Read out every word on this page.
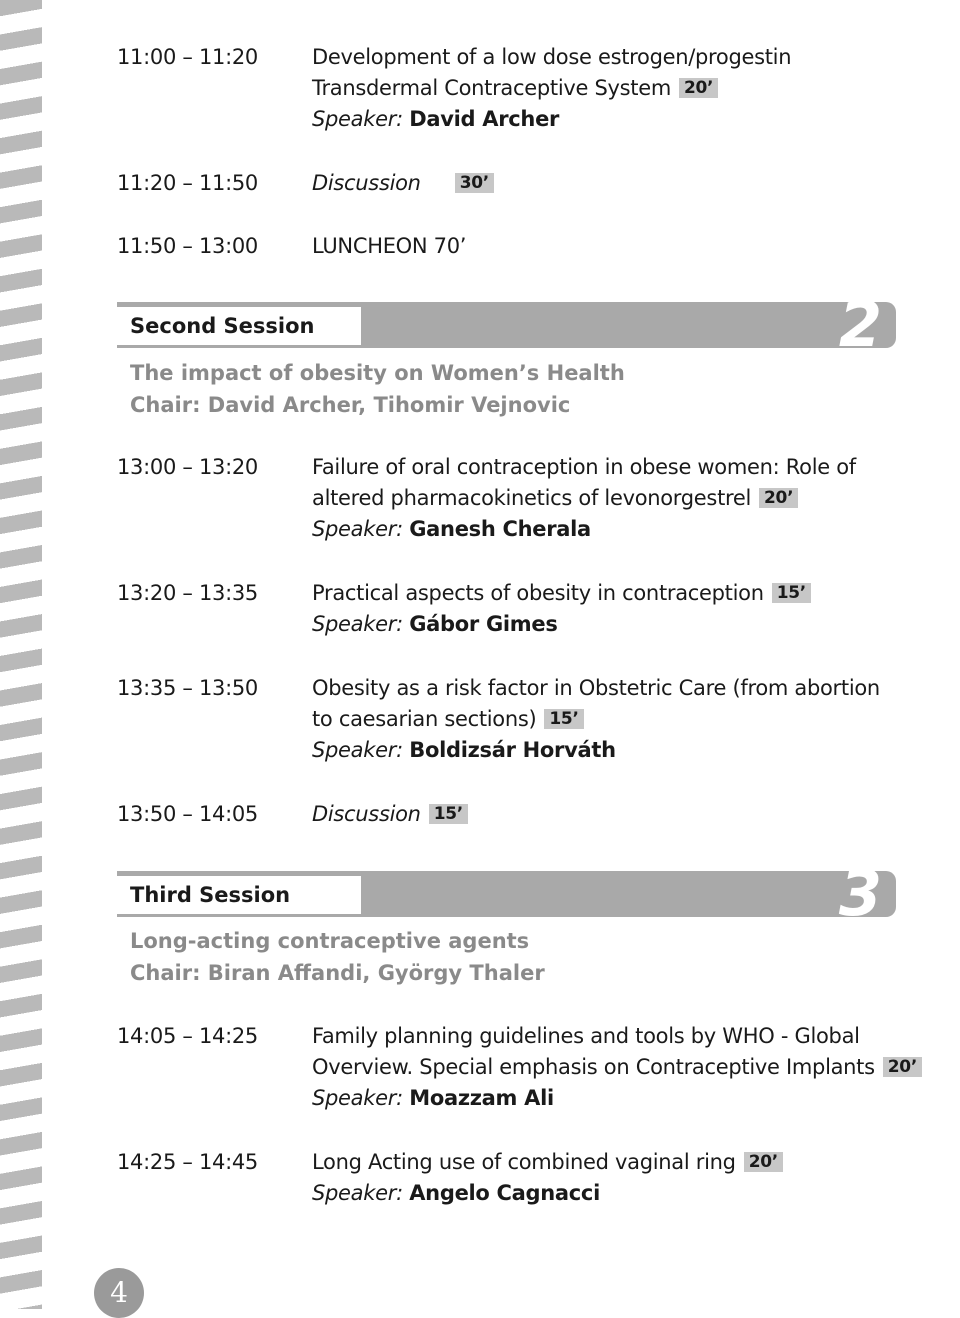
11:00 – 11:20	Development of a low dose estrogen/progestin
Transdermal Contraceptive System 20’
Speaker: David Archer
11:20 – 11:50	Discussion 30’
11:50 – 13:00	LUNCHEON 70’
Second Session	2
The impact of obesity on Women’s Health
Chair: David Archer, Tihomir Vejnovic
13:00 – 13:20	Failure of oral contraception in obese women: Role of
altered pharmacokinetics of levonorgestrel 20’
Speaker: Ganesh Cherala
13:20 – 13:35	Practical aspects of obesity in contraception 15’
Speaker: Gábor Gimes
13:35 – 13:50	Obesity as a risk factor in Obstetric Care (from abortion
to caesarian sections) 15’
Speaker: Boldizsár Horváth
13:50 – 14:05	Discussion 15’
Third Session	3
Long-acting contraceptive agents
Chair: Biran Affandi, György Thaler
14:05 – 14:25	Family planning guidelines and tools by WHO - Global
Overview. Special emphasis on Contraceptive Implants 20’
Speaker: Moazzam Ali
14:25 – 14:45	Long Acting use of combined vaginal ring 20’
Speaker: Angelo Cagnacci
4
